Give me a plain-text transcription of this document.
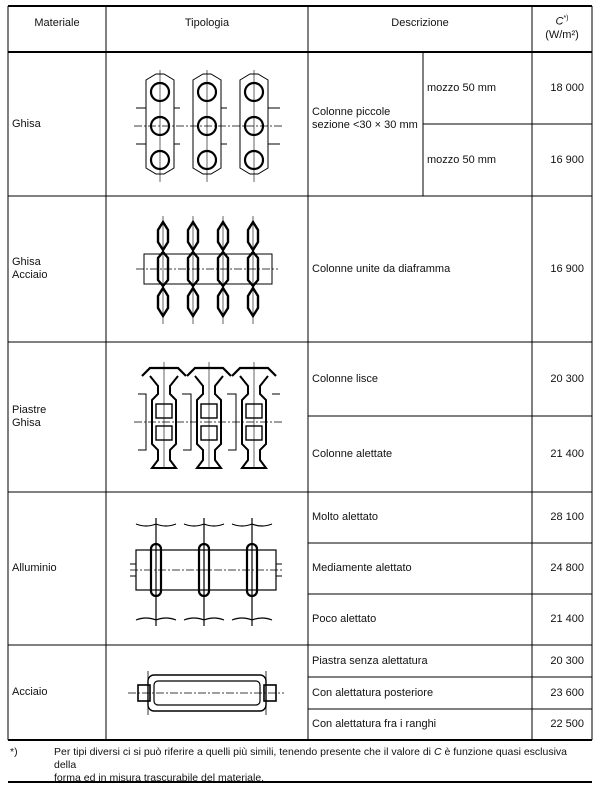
Materiale	Tipologia	Descrizione	C*)
(W/m²)
Ghisa
Colonne piccole
sezione <30 × 30 mm
mozzo 50 mm	18 000
mozzo 50 mm	16 900
Ghisa
Acciaio
Colonne unite da diaframma	16 900
Piastre
Ghisa
Colonne lisce	20 300
Colonne alettate	21 400
Alluminio
Molto alettato	28 100
Mediamente alettato	24 800
Poco alettato	21 400
Acciaio
Piastra senza alettatura	20 300
Con alettatura posteriore	23 600
Con alettatura fra i ranghi	22 500
*)	Per tipi diversi ci si può riferire a quelli più simili, tenendo presente che il valore di C è funzione quasi esclusiva della
forma ed in misura trascurabile del materiale.
